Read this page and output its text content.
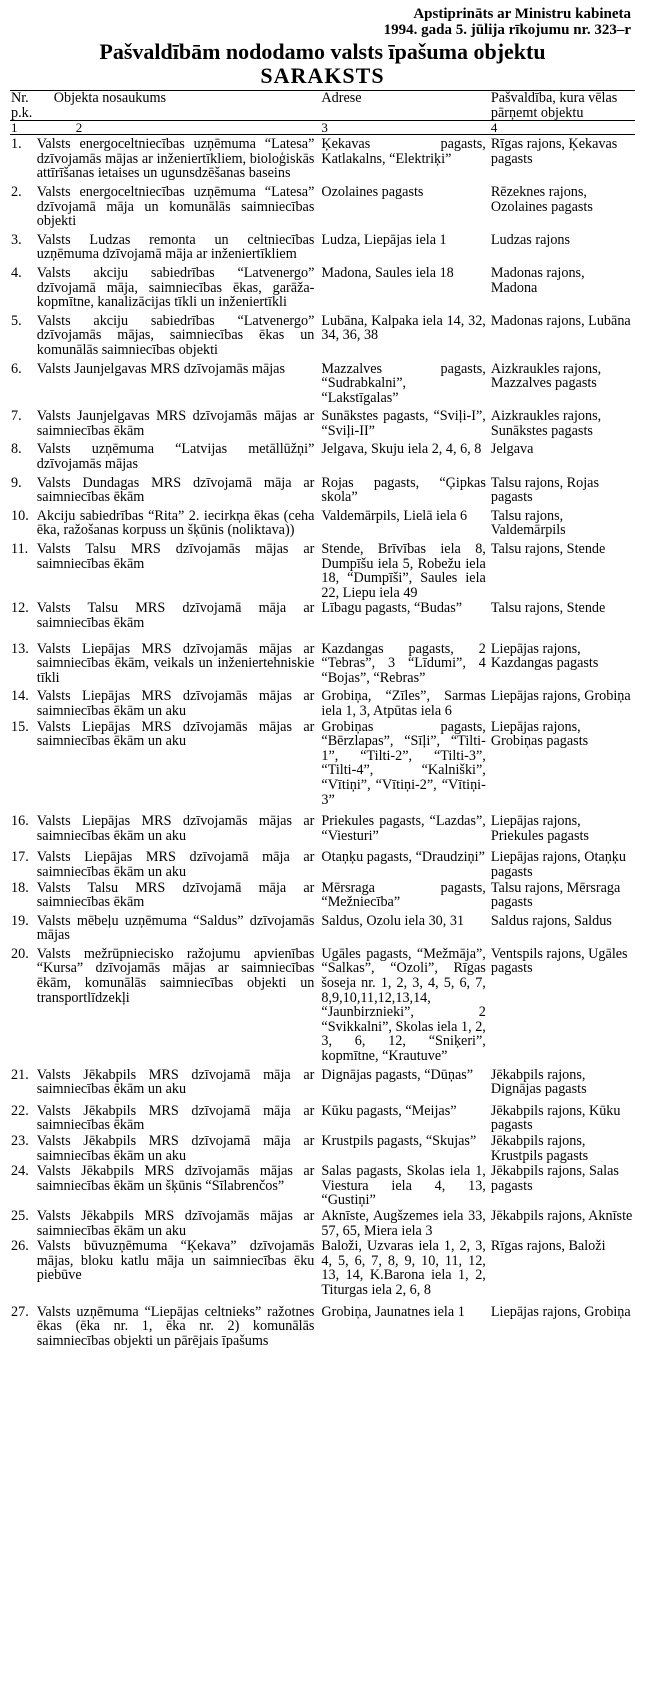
Apstiprināts ar Ministru kabineta
1994. gada 5. jūlija rīkojumu nr. 323–r
Pašvaldībām nododamo valsts īpašuma objektu
SARAKSTS
Nr. p.k.	Objekta nosaukums	Adrese	Pašvaldība, kura vēlas pārņemt objektu
1	2	3	4
1.	Valsts energoceltniecības uzņēmuma “Latesa” dzīvojamās mājas ar inženiertīkliem, bioloģiskās attīrīšanas ietaises un ugunsdzēšanas baseins	Ķekavas pagasts, Katlakalns, “Elektriķi”	Rīgas rajons, Ķekavas pagasts
2.	Valsts energoceltniecības uzņēmuma “Latesa” dzīvojamā māja un komunālās saimniecības objekti	Ozolaines pagasts	Rēzeknes rajons, Ozolaines pagasts
3.	Valsts Ludzas remonta un celtniecības uzņēmuma dzīvojamā māja ar inženiertīkliem	Ludza, Liepājas iela 1	Ludzas rajons
4.	Valsts akciju sabiedrības “Latvenergo” dzīvojamā māja, saimniecības ēkas, garāža-kopmītne, kanalizācijas tīkli un inženiertīkli	Madona, Saules iela 18	Madonas rajons, Madona
5.	Valsts akciju sabiedrības “Latvenergo” dzīvojamās mājas, saimniecības ēkas un komunālās saimniecības objekti	Lubāna, Kalpaka iela 14, 32, 34, 36, 38	Madonas rajons, Lubāna
6.	Valsts Jaunjelgavas MRS dzīvojamās mājas	Mazzalves pagasts, “Sudrabkalni”, “Lakstīgalas”	Aizkraukles rajons, Mazzalves pagasts
7.	Valsts Jaunjelgavas MRS dzīvojamās mājas ar saimniecības ēkām	Sunākstes pagasts, “Sviļi-I”, “Sviļi-II”	Aizkraukles rajons, Sunākstes pagasts
8.	Valsts uzņēmuma “Latvijas metāllūžņi” dzīvojamās mājas	Jelgava, Skuju iela 2, 4, 6, 8	Jelgava
9.	Valsts Dundagas MRS dzīvojamā māja ar saimniecības ēkām	Rojas pagasts, “Ģipkas skola”	Talsu rajons, Rojas pagasts
10.	Akciju sabiedrības “Rita” 2. iecirkņa ēkas (ceha ēka, ražošanas korpuss un šķūnis (noliktava))	Valdemārpils, Lielā iela 6	Talsu rajons, Valdemārpils
11.	Valsts Talsu MRS dzīvojamās mājas ar saimniecības ēkām	Stende, Brīvības iela 8, Dumpīšu iela 5, Robežu iela 18, “Dumpīši”, Saules iela 22, Liepu iela 49	Talsu rajons, Stende
12.	Valsts Talsu MRS dzīvojamā māja ar saimniecības ēkām	Lībagu pagasts, “Budas”	Talsu rajons, Stende
13.	Valsts Liepājas MRS dzīvojamās mājas ar saimniecības ēkām, veikals un inženiertehniskie tīkli	Kazdangas pagasts, 2 “Tebras”, 3 “Līdumi”, 4 “Bojas”, “Rebras”	Liepājas rajons, Kazdangas pagasts
14.	Valsts Liepājas MRS dzīvojamās mājas ar saimniecības ēkām un aku	Grobiņa, “Zīles”, Sarmas iela 1, 3, Atpūtas iela 6	Liepājas rajons, Grobiņa
15.	Valsts Liepājas MRS dzīvojamās mājas ar saimniecības ēkām un aku	Grobiņas pagasts, “Bērzlapas”, “Sīļi”, “Tilti-1”, “Tilti-2”, “Tilti-3”, “Tilti-4”, “Kalniški”, “Vītiņi”, “Vītiņi-2”, “Vītiņi-3”	Liepājas rajons, Grobiņas pagasts
16.	Valsts Liepājas MRS dzīvojamās mājas ar saimniecības ēkām un aku	Priekules pagasts, “Lazdas”, “Viesturi”	Liepājas rajons, Priekules pagasts
17.	Valsts Liepājas MRS dzīvojamā māja ar saimniecības ēkām un aku	Otaņķu pagasts, “Draudziņi”	Liepājas rajons, Otaņķu pagasts
18.	Valsts Talsu MRS dzīvojamā māja ar saimniecības ēkām	Mērsraga pagasts, “Mežniecība”	Talsu rajons, Mērsraga pagasts
19.	Valsts mēbeļu uzņēmuma “Saldus” dzīvojamās mājas	Saldus, Ozolu iela 30, 31	Saldus rajons, Saldus
20.	Valsts mežrūpniecisko ražojumu apvienības “Kursa” dzīvojamās mājas ar saimniecības ēkām, komunālās saimniecības objekti un transportlīdzekļi	Ugāles pagasts, “Mežmāja”, “Salkas”, “Ozoli”, Rīgas šoseja nr. 1, 2, 3, 4, 5, 6, 7, 8,9,10,11,12,13,14, “Jaunbirznieki”, 2 “Svikkalni”, Skolas iela 1, 2, 3, 6, 12, “Sniķeri”, kopmītne, “Krautuve”	Ventspils rajons, Ugāles pagasts
21.	Valsts Jēkabpils MRS dzīvojamā māja ar saimniecības ēkām un aku	Dignājas pagasts, “Dūņas”	Jēkabpils rajons, Dignājas pagasts
22.	Valsts Jēkabpils MRS dzīvojamā māja ar saimniecības ēkām	Kūku pagasts, “Meijas”	Jēkabpils rajons, Kūku pagasts
23.	Valsts Jēkabpils MRS dzīvojamā māja ar saimniecības ēkām un aku	Krustpils pagasts, “Skujas”	Jēkabpils rajons, Krustpils pagasts
24.	Valsts Jēkabpils MRS dzīvojamās mājas ar saimniecības ēkām un šķūnis “Sīlabrenčos”	Salas pagasts, Skolas iela 1, Viestura iela 4, 13, “Gustiņi”	Jēkabpils rajons, Salas pagasts
25.	Valsts Jēkabpils MRS dzīvojamās mājas ar saimniecības ēkām un aku	Aknīste, Augšzemes iela 33, 57, 65, Miera iela 3	Jēkabpils rajons, Aknīste
26.	Valsts būvuzņēmuma “Ķekava” dzīvojamās mājas, bloku katlu māja un saimniecības ēku piebūve	Baloži, Uzvaras iela 1, 2, 3, 4, 5, 6, 7, 8, 9, 10, 11, 12, 13, 14, K.Barona iela 1, 2, Titurgas iela 2, 6, 8	Rīgas rajons, Baloži
27.	Valsts uzņēmuma “Liepājas celtnieks” ražotnes ēkas (ēka nr. 1, ēka nr. 2) komunālās saimniecības objekti un pārējais īpašums	Grobiņa, Jaunatnes iela 1	Liepājas rajons, Grobiņa
